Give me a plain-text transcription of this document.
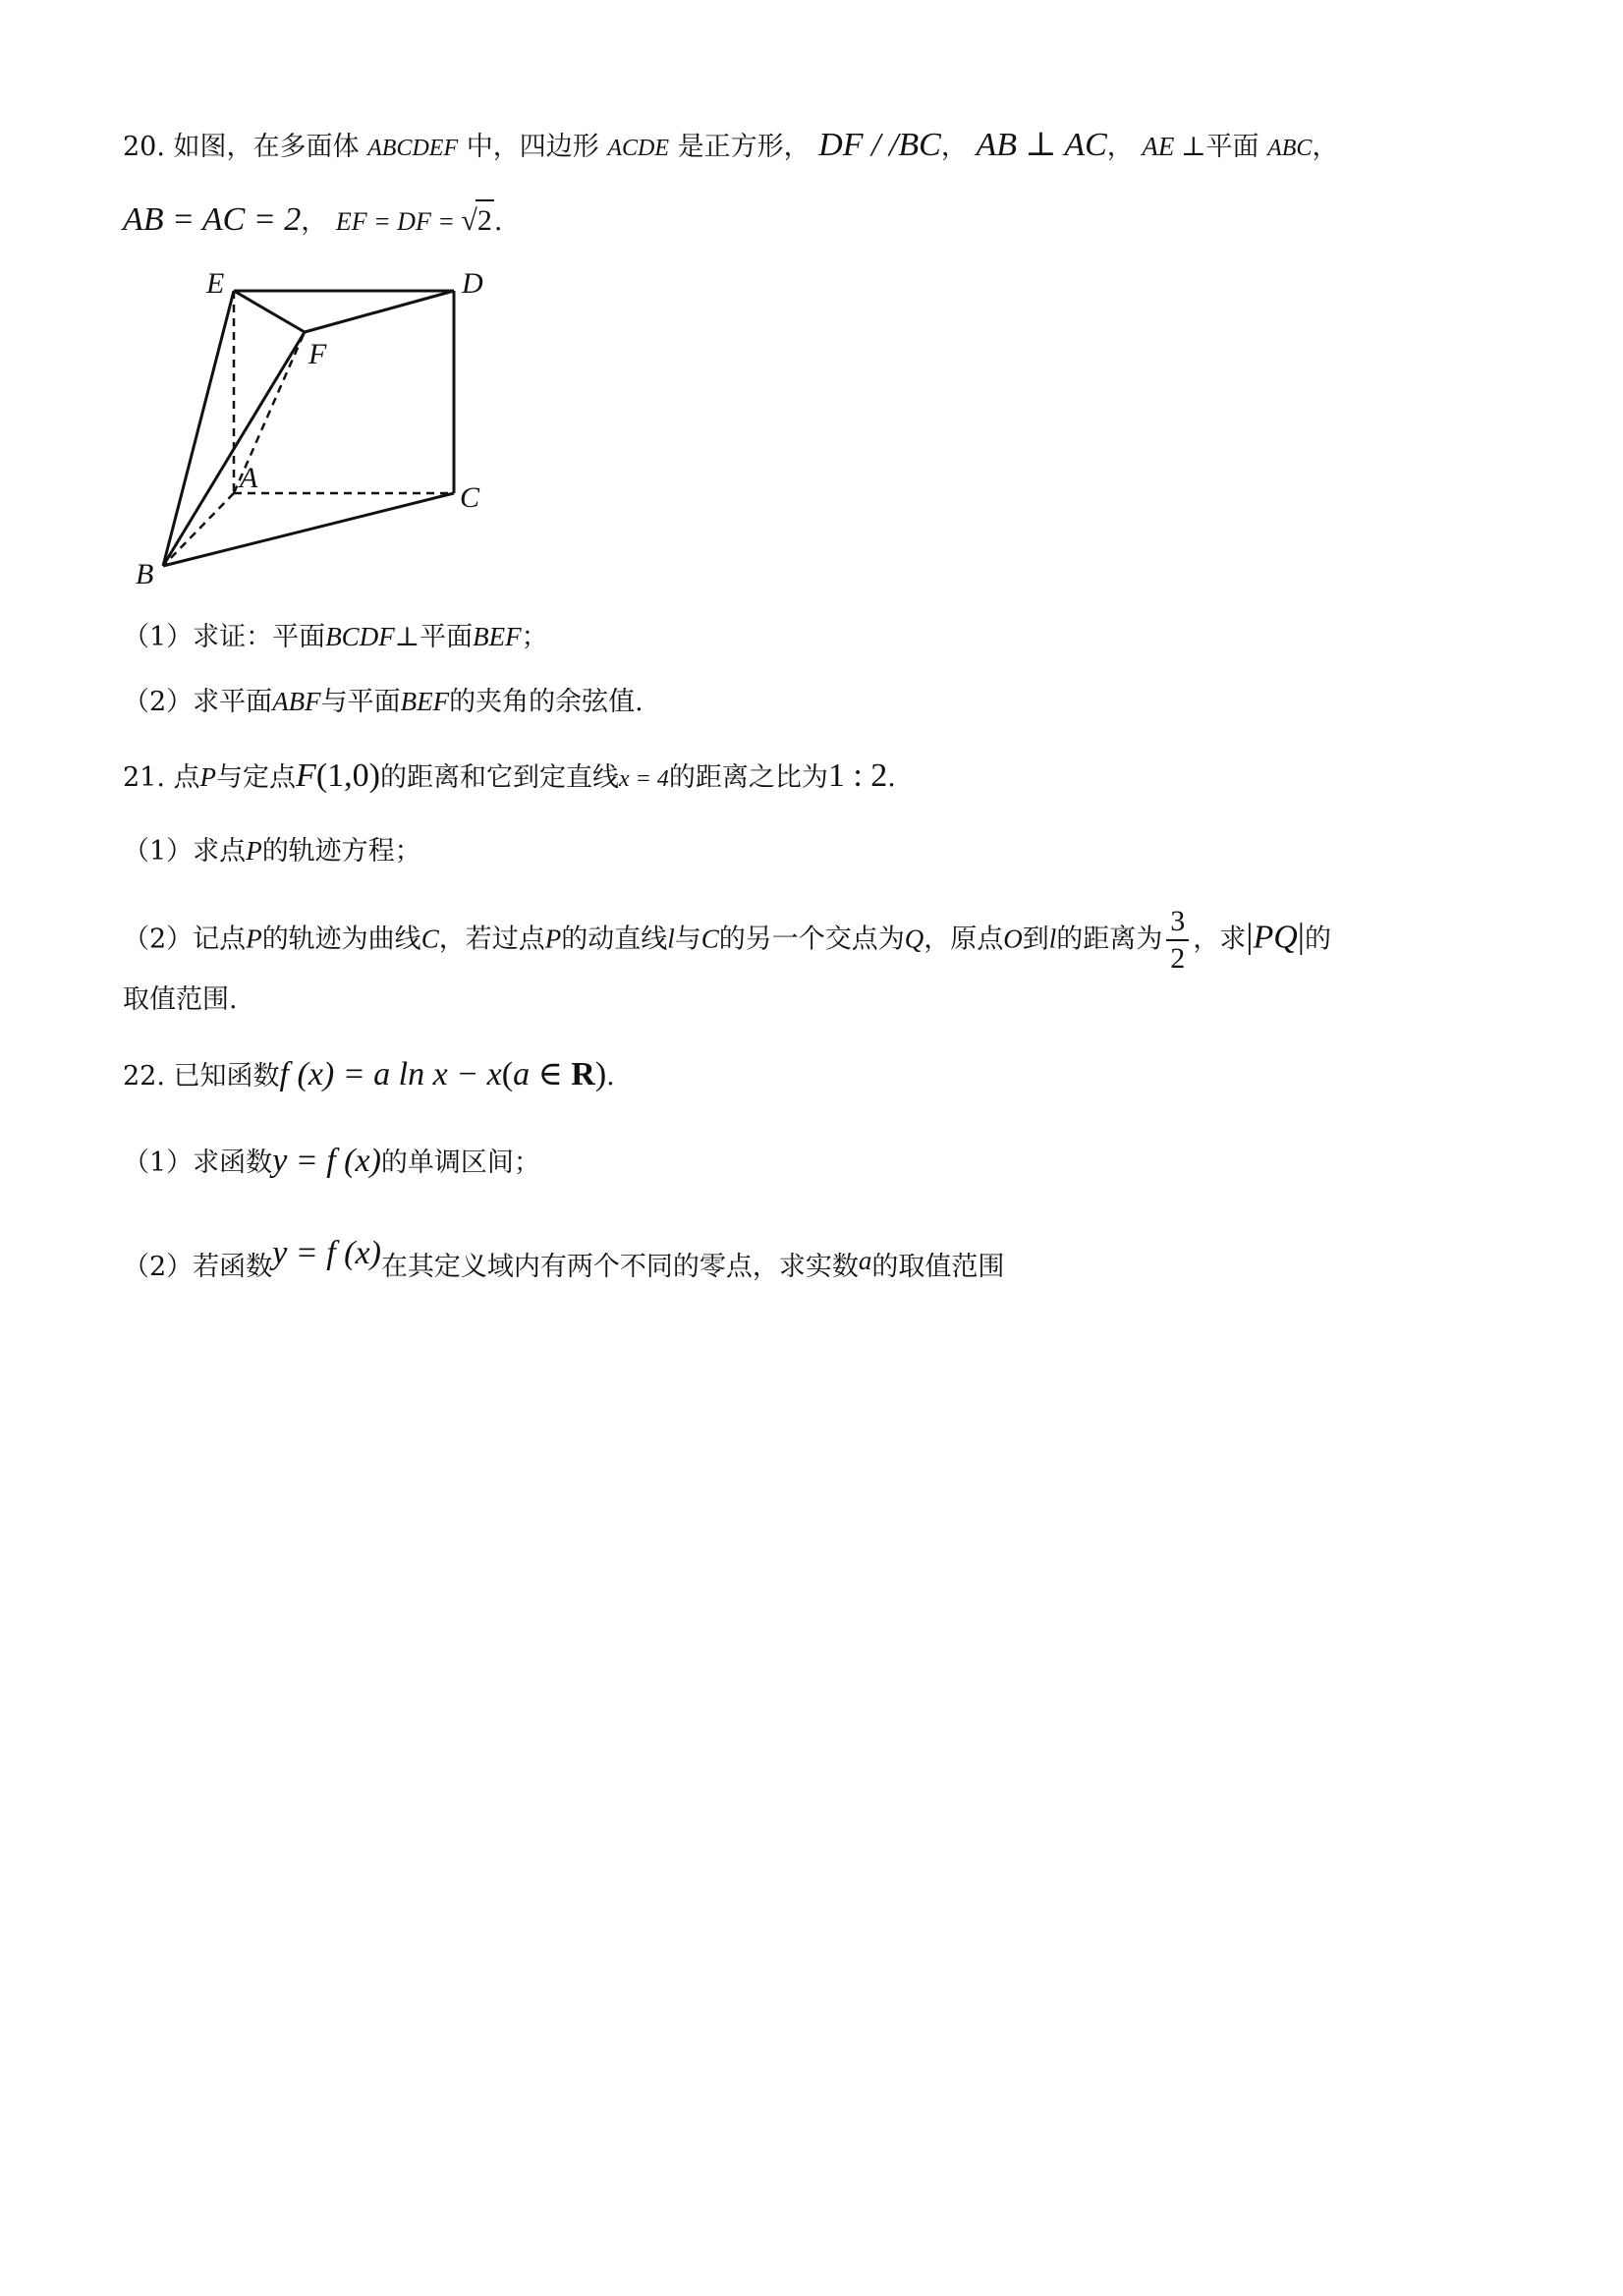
20. 如图，在多面体 ABCDEF 中，四边形 ACDE 是正方形， DF / /BC， AB ⊥ AC， AE ⊥平面 ABC，
AB = AC = 2， EF = DF = √2.
E	D
F
A
C
B
（1）求证：平面BCDF⊥平面BEF；
（2）求平面ABF与平面BEF的夹角的余弦值.
21. 点P与定点F(1,0)的距离和它到定直线x = 4的距离之比为1 : 2.
（1）求点P的轨迹方程；
（2）记点P的轨迹为曲线C，若过点P的动直线l与C的另一个交点为Q，原点O到l的距离为 $\frac{3}{2}$ ，求|PQ|的
取值范围.
22. 已知函数f (x) = a ln x − x(a ∈ R).
（1）求函数y = f (x)的单调区间；
（2）若函数y = f (x)在其定义域内有两个不同的零点，求实数a的取值范围
